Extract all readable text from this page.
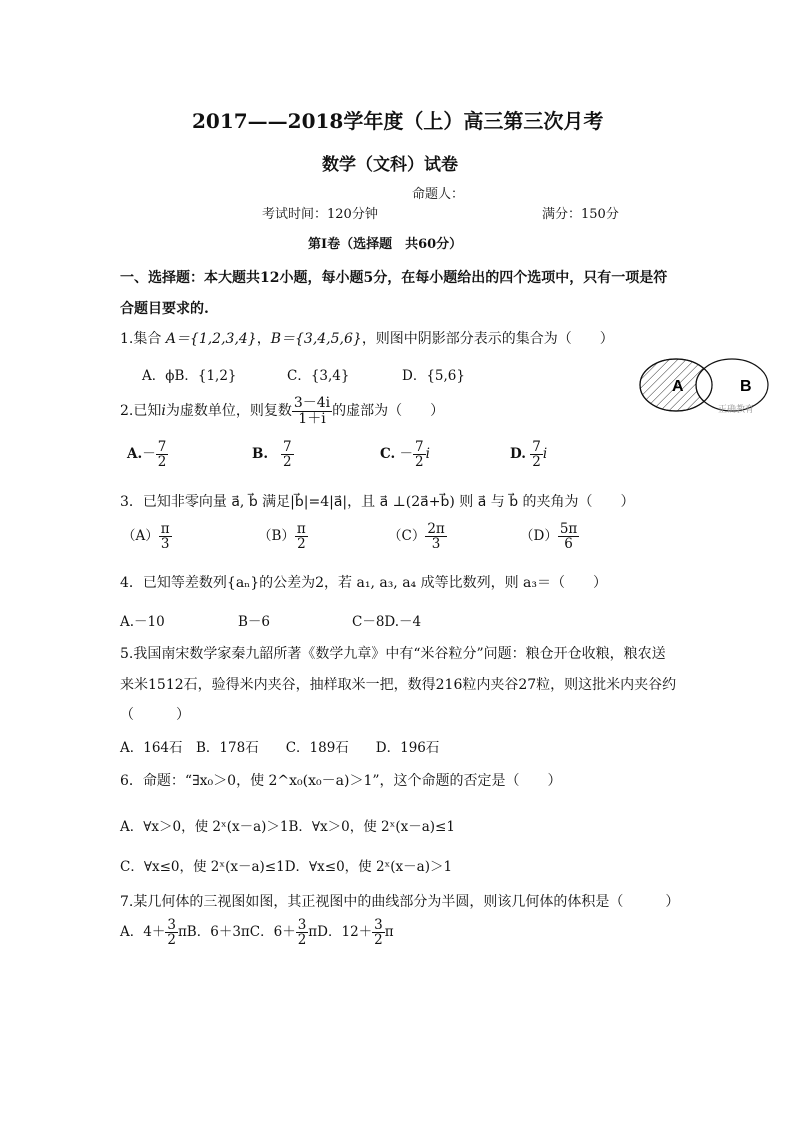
2017——2018学年度（上）高三第三次月考
数学（文科）试卷
命题人：
考试时间：120分钟	满分：150分
第Ⅰ卷（选择题　共60分）
一、选择题：本大题共12小题，每小题5分，在每小题给出的四个选项中，只有一项是符
合题目要求的.
1.集合 A＝{1,2,3,4}，B＝{3,4,5,6}，则图中阴影部分表示的集合为（　　）
A．ϕB．{1,2}	C．{3,4}	D．{5,6}
A	B
正确教育
2.已知i为虚数单位，则复数 $\frac{3-4i}{1+i}$ 的虚部为（　　）
$A.- \frac{7}{2}$	B. $\frac{7}{2}$	C. － $\frac{7}{2}$ i	D. $\frac{7}{2}$ i
3．已知非零向量 a⃗, b⃗ 满足|b⃗|=4|a⃗|，且 a⃗ ⊥(2a⃗+b⃗) 则 a⃗ 与 b⃗ 的夹角为（　　）
$(A) \frac{\pi}{3}$	$(B) \frac{\pi}{2}$	$(C) \frac{2\pi}{3}$	$(D) \frac{5\pi}{6}$
4．已知等差数列{aₙ}的公差为2，若 a₁, a₃, a₄ 成等比数列，则 a₃＝（　　）
A.－10	B－6	C－8D.－4
5.我国南宋数学家秦九韶所著《数学九章》中有“米谷粒分”问题：粮仓开仓收粮，粮农送
来米1512石，验得米内夹谷，抽样取米一把，数得216粒内夹谷27粒，则这批米内夹谷约
（　　　）
A．164石　B．178石　　C．189石　　D．196石
6．命题：“∃x₀＞0，使 2^x₀(x₀－a)＞1”，这个命题的否定是（　　）
A．∀x＞0，使 2ˣ(x－a)＞1B．∀x＞0，使 2ˣ(x－a)≤1
C．∀x≤0，使 2ˣ(x－a)≤1D．∀x≤0，使 2ˣ(x－a)＞1
7.某几何体的三视图如图，其正视图中的曲线部分为半圆，则该几何体的体积是（　　　）
A．$4+ \frac{3}{2}$ πB．6＋3πC．$6+ \frac{3}{2}$ πD．$12+ \frac{3}{2}$ π
